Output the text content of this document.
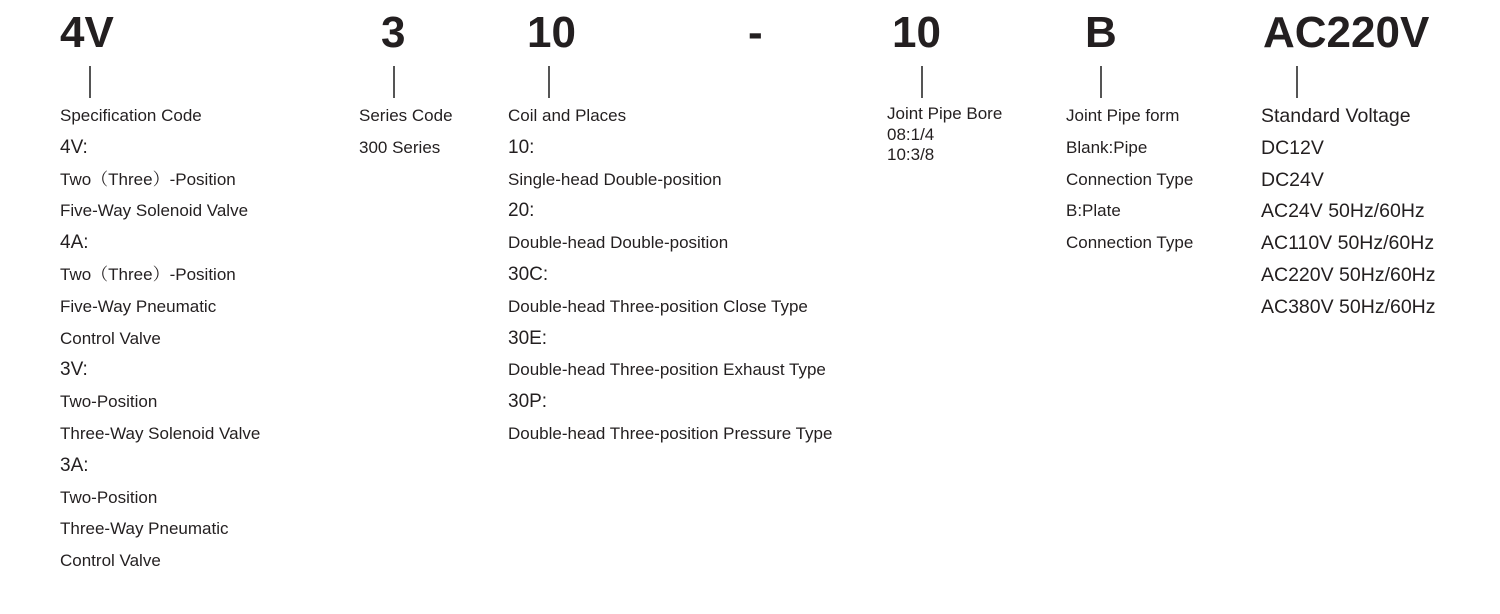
4V	3	10	-	10	B	AC220V
Specification Code
4V:
Two（Three）-Position
Five-Way Solenoid Valve
4A:
Two（Three）-Position
Five-Way Pneumatic
Control Valve
3V:
Two-Position
Three-Way Solenoid Valve
3A:
Two-Position
Three-Way Pneumatic
Control Valve
Series Code
300 Series
Coil and Places
10:
Single-head Double-position
20:
Double-head Double-position
30C:
Double-head Three-position Close Type
30E:
Double-head Three-position Exhaust Type
30P:
Double-head Three-position Pressure Type
Joint Pipe Bore
08:1/4
10:3/8
Joint Pipe form
Blank:Pipe
Connection Type
B:Plate
Connection Type
Standard Voltage
DC12V
DC24V
AC24V 50Hz/60Hz
AC110V 50Hz/60Hz
AC220V 50Hz/60Hz
AC380V 50Hz/60Hz
